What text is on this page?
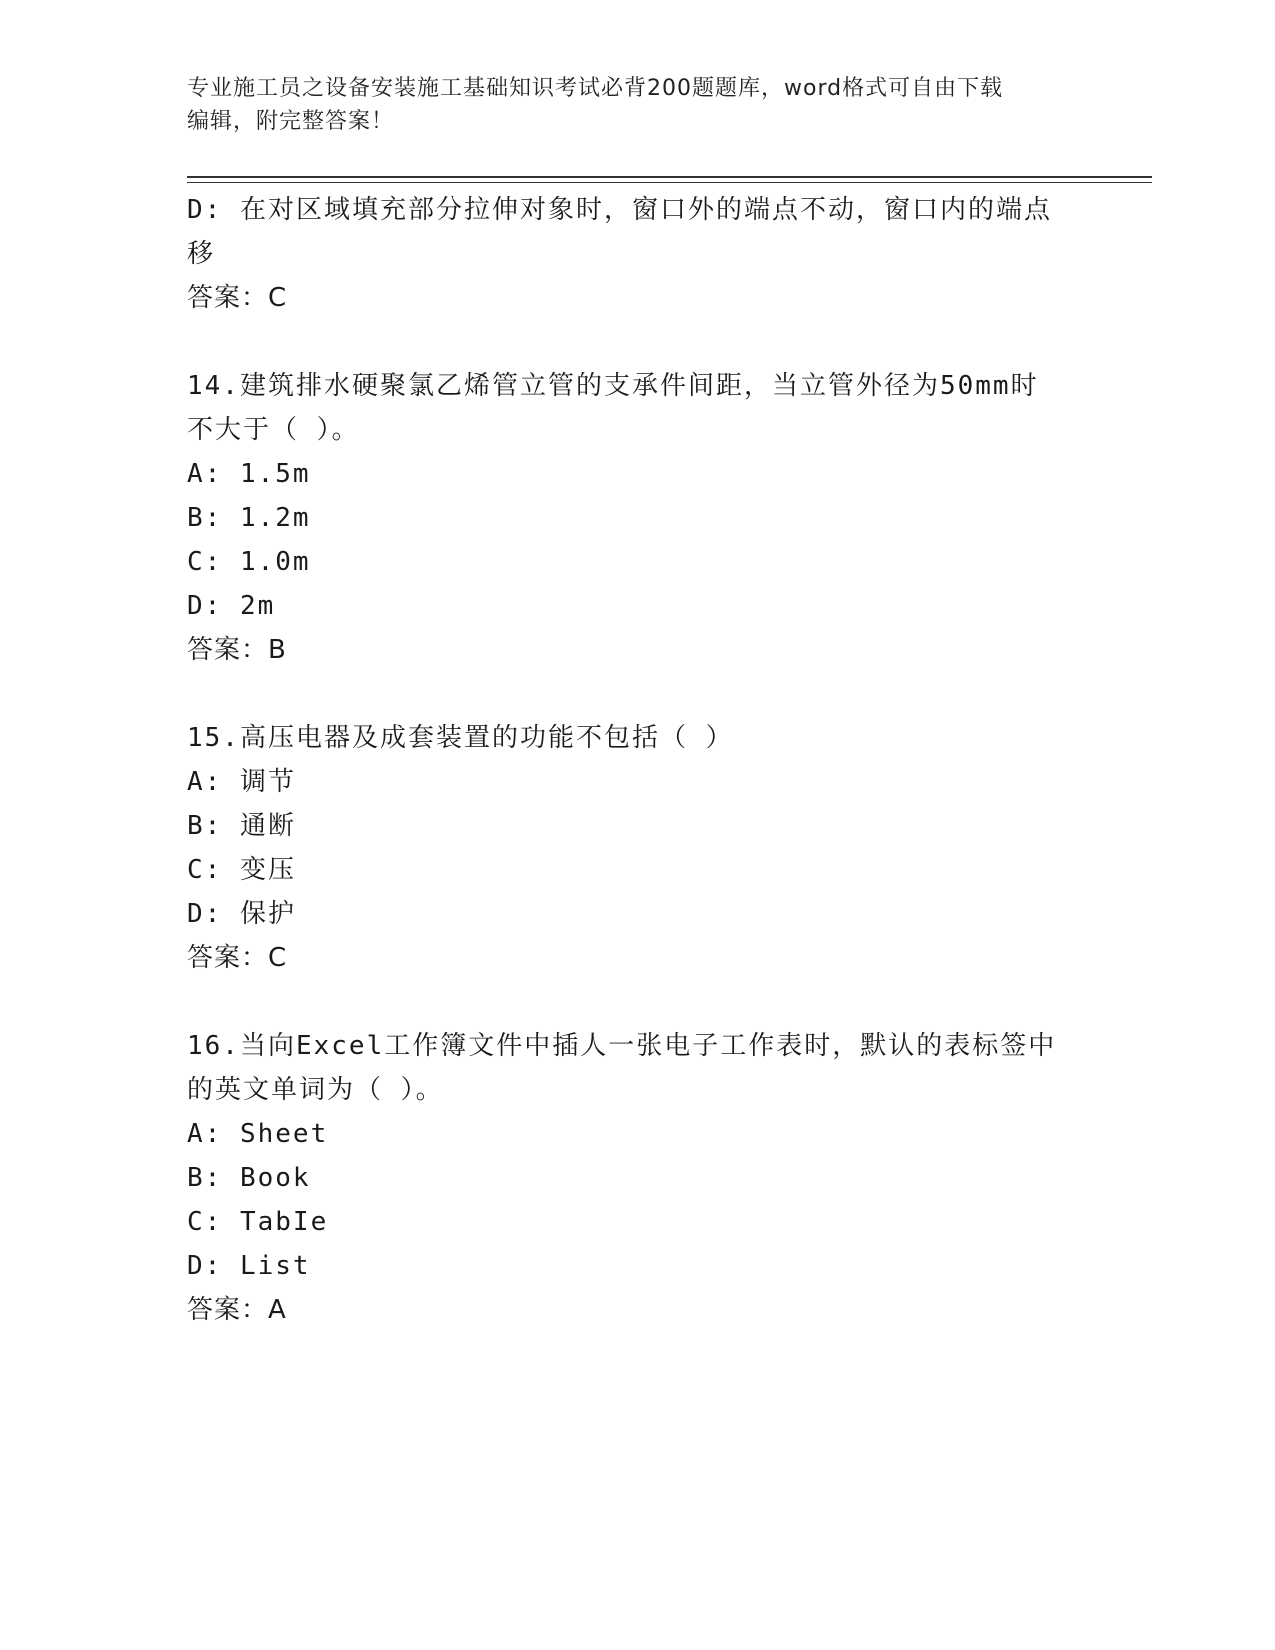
专业施工员之设备安装施工基础知识考试必背200题题库，word格式可自由下载
编辑，附完整答案！
D: 在对区域填充部分拉伸对象时，窗口外的端点不动，窗口内的端点
移
答案：C
14.建筑排水硬聚氯乙烯管立管的支承件间距，当立管外径为50mm时
不大于（ ）。
A: 1.5m
B: 1.2m
C: 1.0m
D: 2m
答案：B
15.高压电器及成套装置的功能不包括（ ）
A: 调节
B: 通断
C: 变压
D: 保护
答案：C
16.当向Excel工作簿文件中插人一张电子工作表时，默认的表标签中
的英文单词为（ ）。
A: Sheet
B: Book
C: TabIe
D: List
答案：A
